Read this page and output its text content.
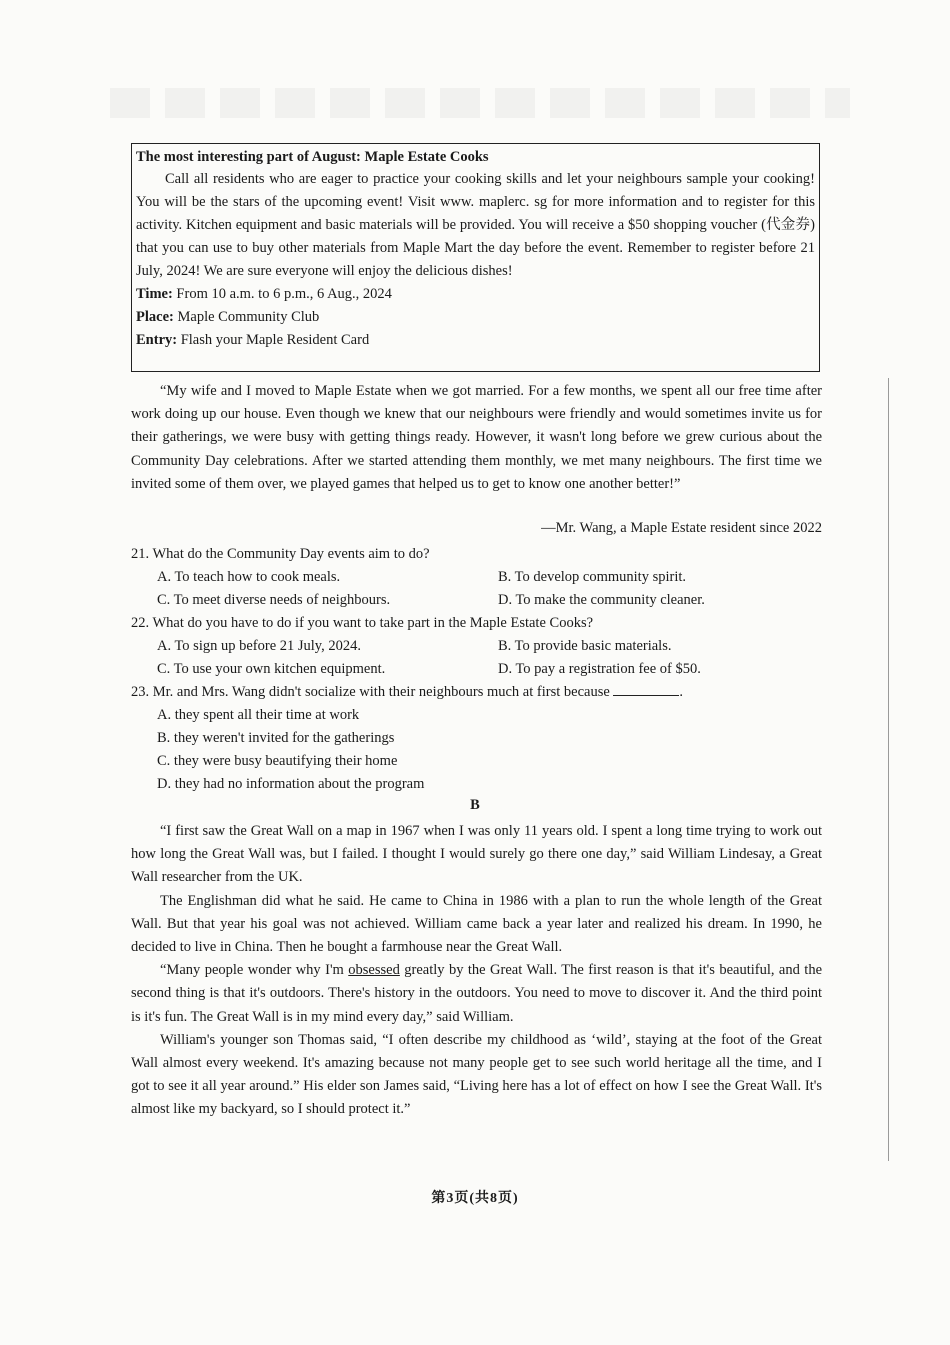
The most interesting part of August: Maple Estate Cooks

Call all residents who are eager to practice your cooking skills and let your neighbours sample your cooking! You will be the stars of the upcoming event! Visit www. maplerc. sg for more information and to register for this activity. Kitchen equipment and basic materials will be provided. You will receive a $50 shopping voucher (代金券) that you can use to buy other materials from Maple Mart the day before the event. Remember to register before 21 July, 2024! We are sure everyone will enjoy the delicious dishes!

Time: From 10 a.m. to 6 p.m., 6 Aug., 2024
Place: Maple Community Club
Entry: Flash your Maple Resident Card

“My wife and I moved to Maple Estate when we got married. For a few months, we spent all our free time after work doing up our house. Even though we knew that our neighbours were friendly and would sometimes invite us for their gatherings, we were busy with getting things ready. However, it wasn't long before we grew curious about the Community Day celebrations. After we started attending them monthly, we met many neighbours. The first time we invited some of them over, we played games that helped us to get to know one another better!”

—Mr. Wang, a Maple Estate resident since 2022
21. What do the Community Day events aim to do?
A. To teach how to cook meals.	B. To develop community spirit.
C. To meet diverse needs of neighbours.	D. To make the community cleaner.
22. What do you have to do if you want to take part in the Maple Estate Cooks?
A. To sign up before 21 July, 2024.	B. To provide basic materials.
C. To use your own kitchen equipment.	D. To pay a registration fee of $50.
23. Mr. and Mrs. Wang didn't socialize with their neighbours much at first because	.
A. they spent all their time at work
B. they weren't invited for the gatherings
C. they were busy beautifying their home
D. they had no information about the program
B

“I first saw the Great Wall on a map in 1967 when I was only 11 years old. I spent a long time trying to work out how long the Great Wall was, but I failed. I thought I would surely go there one day,” said William Lindesay, a Great Wall researcher from the UK.

The Englishman did what he said. He came to China in 1986 with a plan to run the whole length of the Great Wall. But that year his goal was not achieved. William came back a year later and realized his dream. In 1990, he decided to live in China. Then he bought a farmhouse near the Great Wall.

“Many people wonder why I'm obsessed greatly by the Great Wall. The first reason is that it's beautiful, and the second thing is that it's outdoors. There's history in the outdoors. You need to move to discover it. And the third point is it's fun. The Great Wall is in my mind every day,” said William.

William's younger son Thomas said, “I often describe my childhood as ‘wild’, staying at the foot of the Great Wall almost every weekend. It's amazing because not many people get to see such world heritage all the time, and I got to see it all year around.” His elder son James said, “Living here has a lot of effect on how I see the Great Wall. It's almost like my backyard, so I should protect it.”

第3页(共8页)
